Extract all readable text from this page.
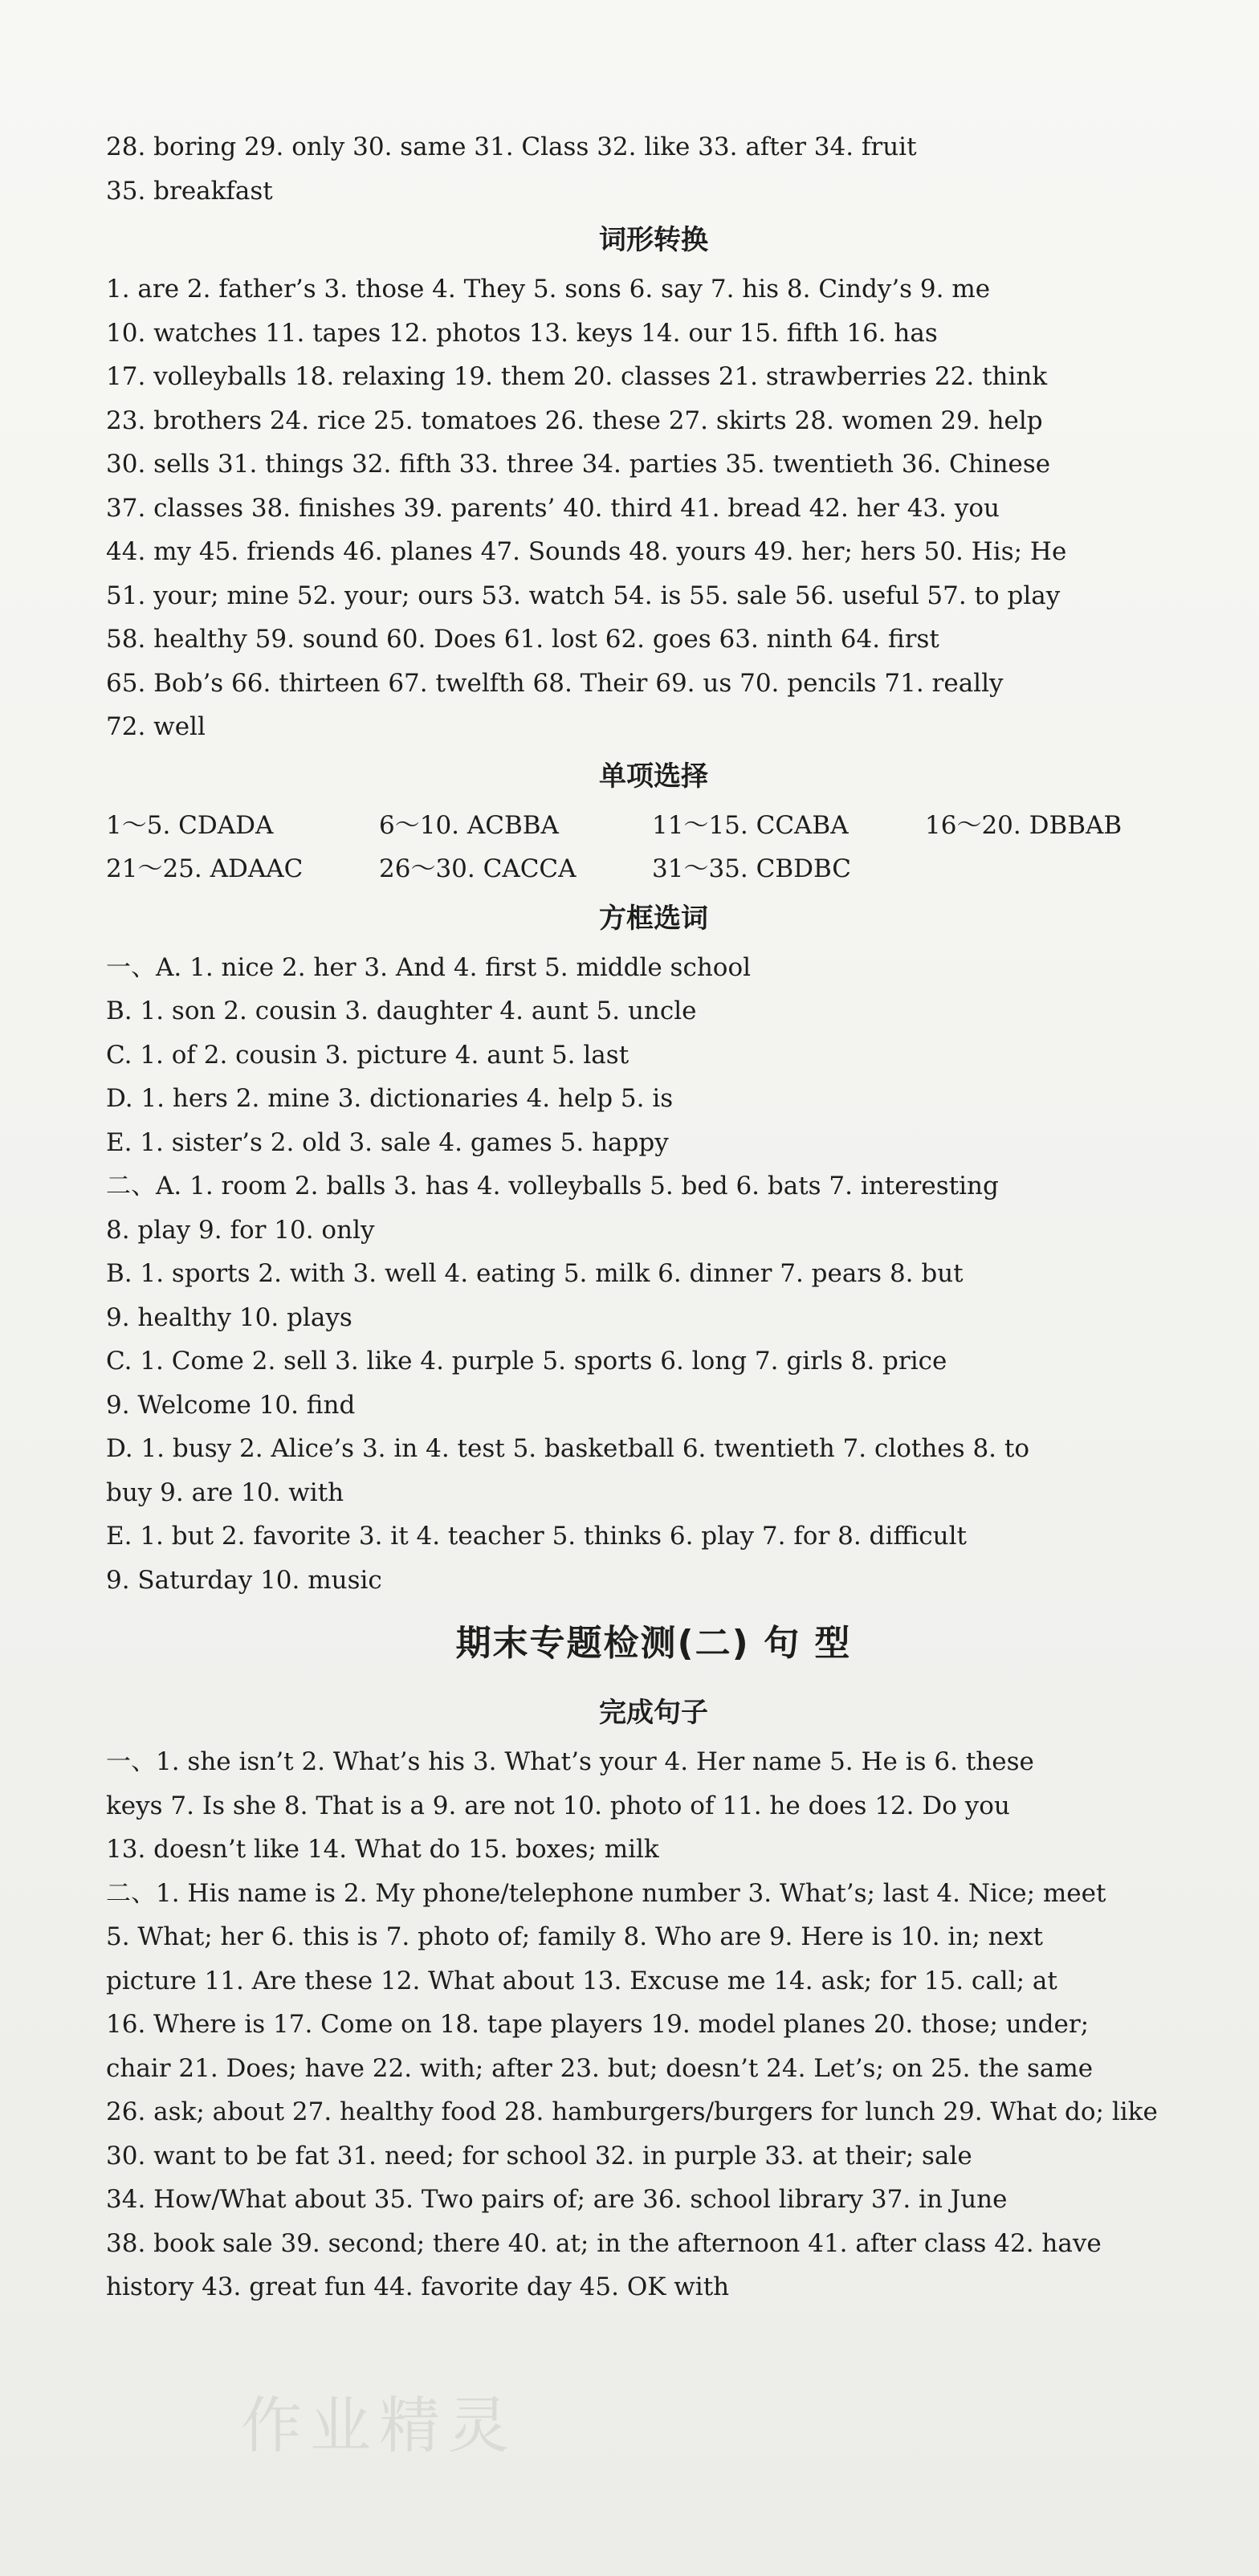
28. boring 29. only 30. same 31. Class 32. like 33. after 34. fruit
35. breakfast
词形转换
1. are 2. father’s 3. those 4. They 5. sons 6. say 7. his 8. Cindy’s 9. me
10. watches 11. tapes 12. photos 13. keys 14. our 15. fifth 16. has
17. volleyballs 18. relaxing 19. them 20. classes 21. strawberries 22. think
23. brothers 24. rice 25. tomatoes 26. these 27. skirts 28. women 29. help
30. sells 31. things 32. fifth 33. three 34. parties 35. twentieth 36. Chinese
37. classes 38. finishes 39. parents’ 40. third 41. bread 42. her 43. you
44. my 45. friends 46. planes 47. Sounds 48. yours 49. her; hers 50. His; He
51. your; mine 52. your; ours 53. watch 54. is 55. sale 56. useful 57. to play
58. healthy 59. sound 60. Does 61. lost 62. goes 63. ninth 64. first
65. Bob’s 66. thirteen 67. twelfth 68. Their 69. us 70. pencils 71. really
72. well
单项选择
1～5. CDADA	6～10. ACBBA	11～15. CCABA	16～20. DBBAB
21～25. ADAAC	26～30. CACCA	31～35. CBDBC
方框选词
一、A. 1. nice 2. her 3. And 4. first 5. middle school
B. 1. son 2. cousin 3. daughter 4. aunt 5. uncle
C. 1. of 2. cousin 3. picture 4. aunt 5. last
D. 1. hers 2. mine 3. dictionaries 4. help 5. is
E. 1. sister’s 2. old 3. sale 4. games 5. happy
二、A. 1. room 2. balls 3. has 4. volleyballs 5. bed 6. bats 7. interesting
8. play 9. for 10. only
B. 1. sports 2. with 3. well 4. eating 5. milk 6. dinner 7. pears 8. but
9. healthy 10. plays
C. 1. Come 2. sell 3. like 4. purple 5. sports 6. long 7. girls 8. price
9. Welcome 10. find
D. 1. busy 2. Alice’s 3. in 4. test 5. basketball 6. twentieth 7. clothes 8. to
buy 9. are 10. with
E. 1. but 2. favorite 3. it 4. teacher 5. thinks 6. play 7. for 8. difficult
9. Saturday 10. music
期末专题检测(二) 句 型
完成句子
一、1. she isn’t 2. What’s his 3. What’s your 4. Her name 5. He is 6. these
keys 7. Is she 8. That is a 9. are not 10. photo of 11. he does 12. Do you
13. doesn’t like 14. What do 15. boxes; milk
二、1. His name is 2. My phone/telephone number 3. What’s; last 4. Nice; meet
5. What; her 6. this is 7. photo of; family 8. Who are 9. Here is 10. in; next
picture 11. Are these 12. What about 13. Excuse me 14. ask; for 15. call; at
16. Where is 17. Come on 18. tape players 19. model planes 20. those; under;
chair 21. Does; have 22. with; after 23. but; doesn’t 24. Let’s; on 25. the same
26. ask; about 27. healthy food 28. hamburgers/burgers for lunch 29. What do; like
30. want to be fat 31. need; for school 32. in purple 33. at their; sale
34. How/What about 35. Two pairs of; are 36. school library 37. in June
38. book sale 39. second; there 40. at; in the afternoon 41. after class 42. have
history 43. great fun 44. favorite day 45. OK with
作业精灵
